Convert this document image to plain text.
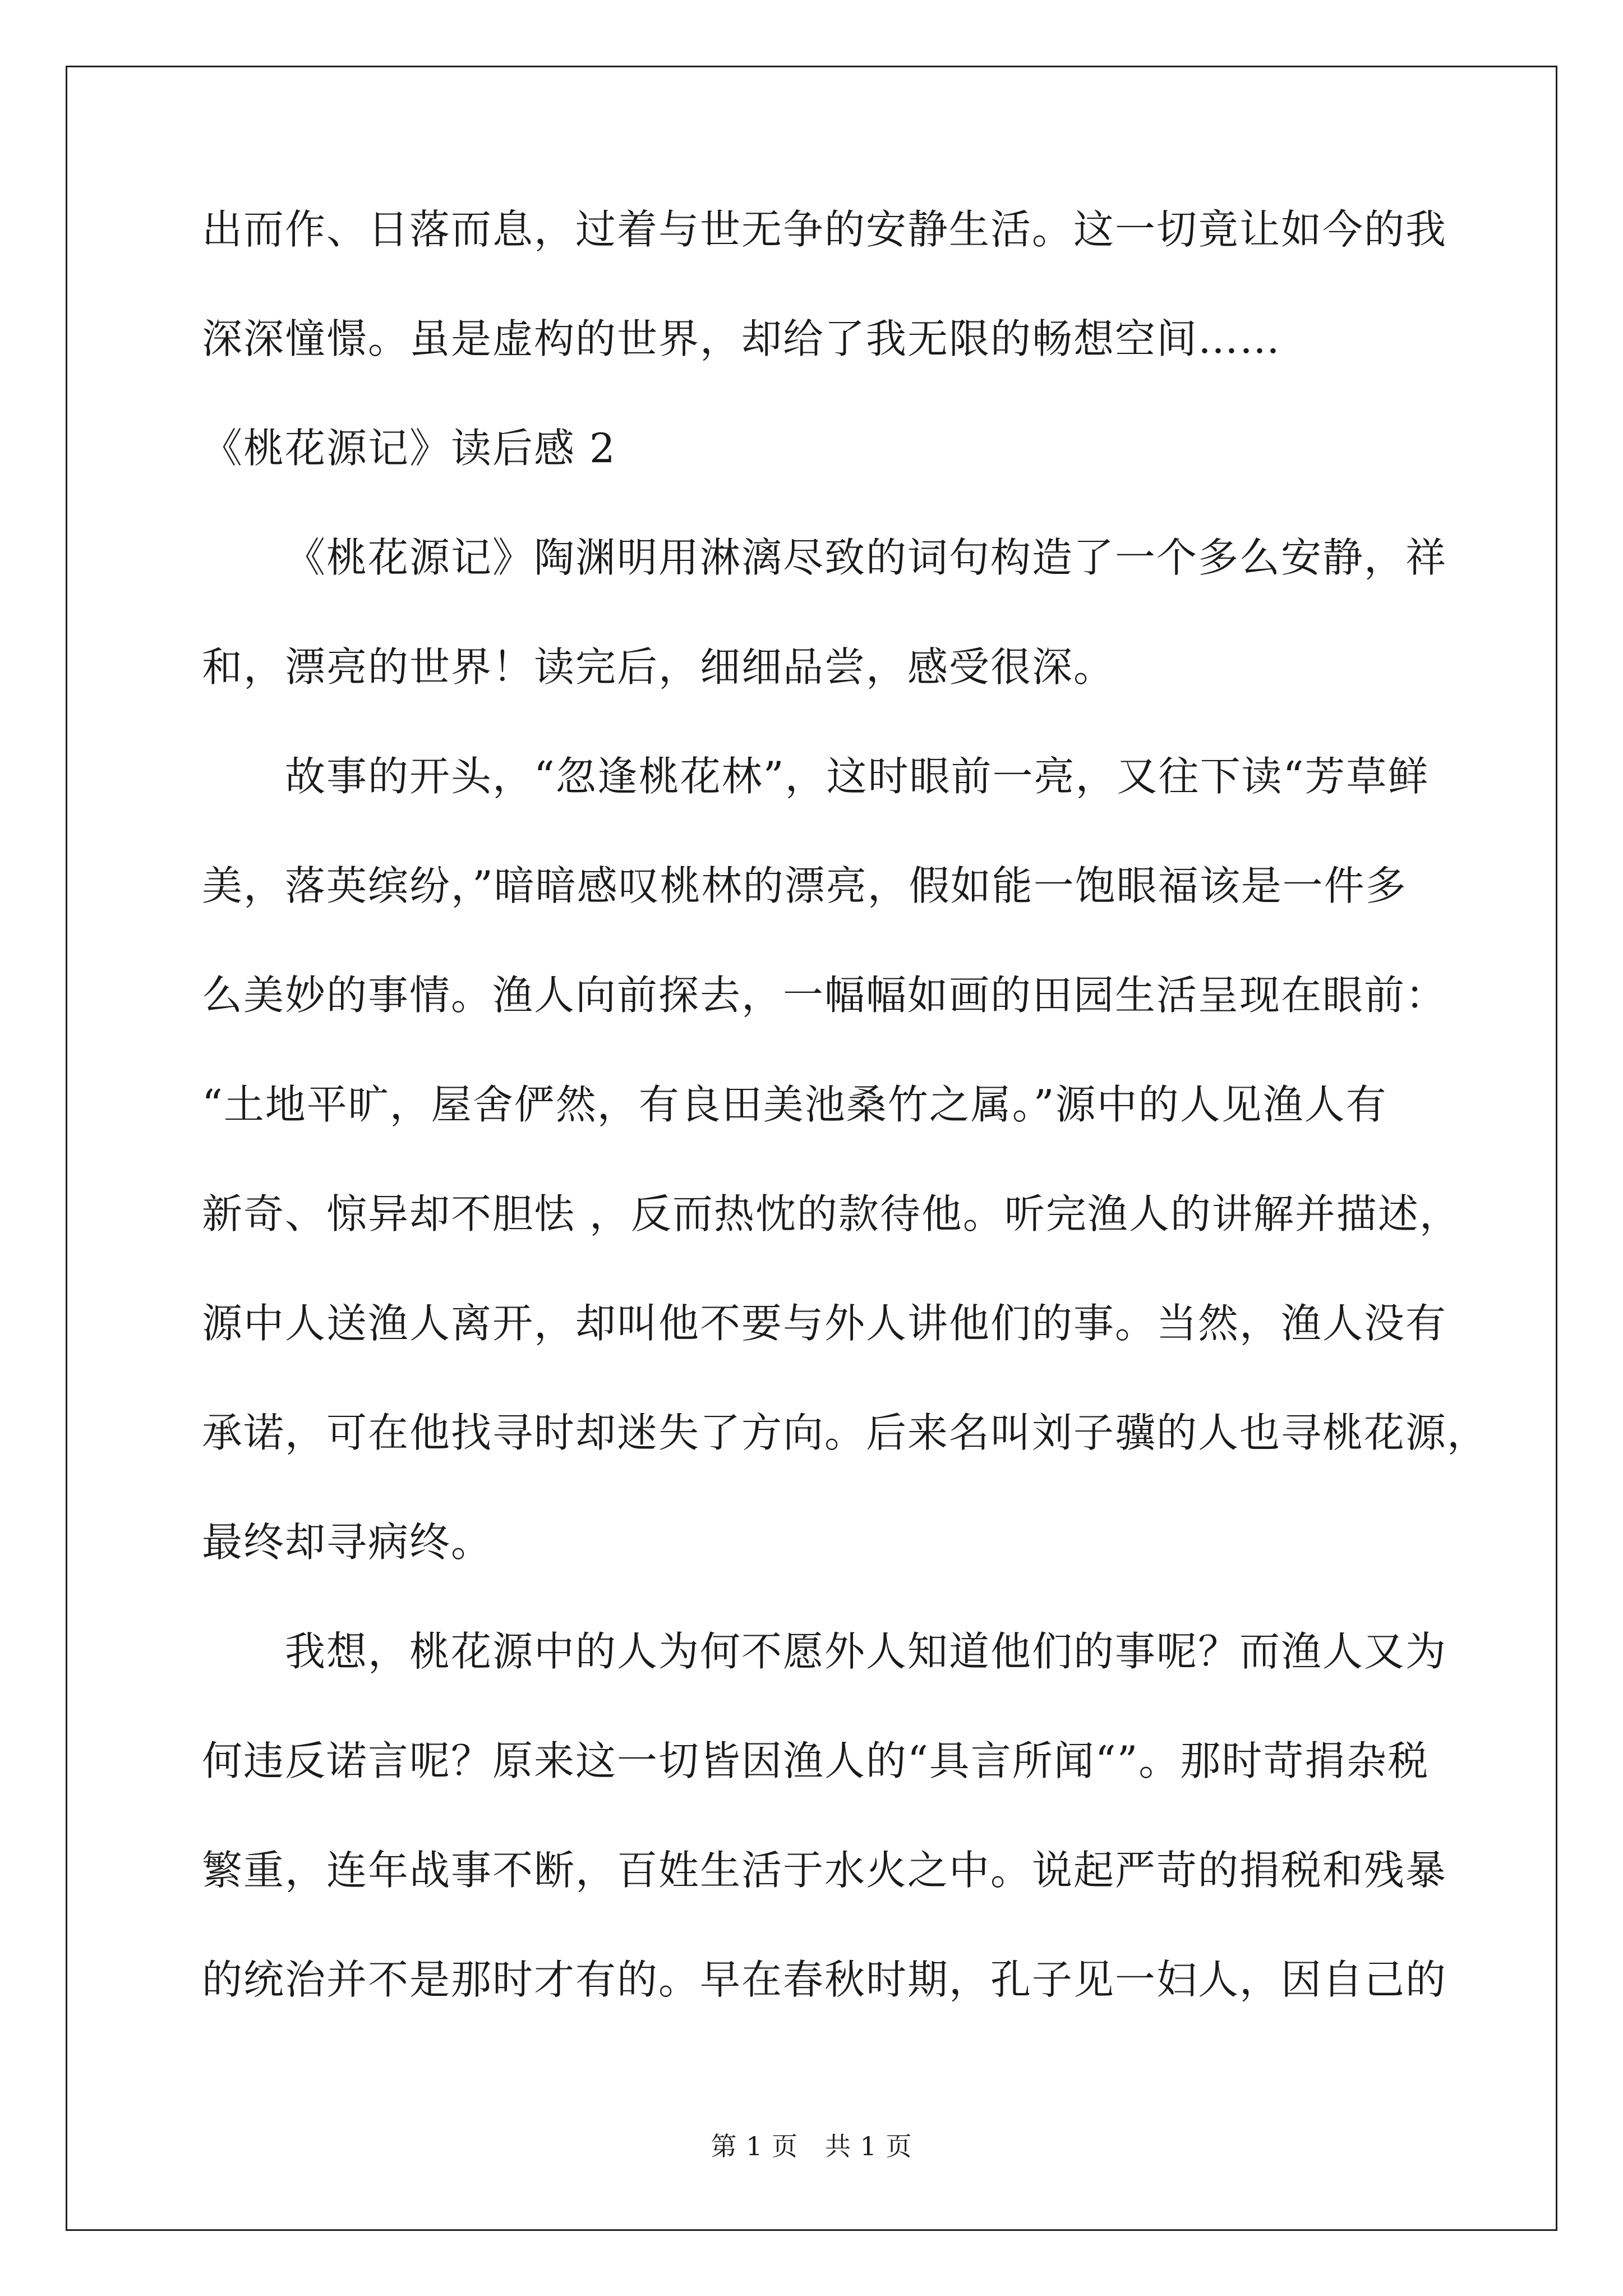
出而作、日落而息，过着与世无争的安静生活。这一切竟让如今的我

深深憧憬。虽是虚构的世界，却给了我无限的畅想空间……

《桃花源记》读后感 2

《桃花源记》陶渊明用淋漓尽致的词句构造了一个多么安静，祥

和，漂亮的世界！读完后，细细品尝，感受很深。

故事的开头，“忽逢桃花林”，这时眼前一亮，又往下读“芳草鲜

美，落英缤纷，”暗暗感叹桃林的漂亮，假如能一饱眼福该是一件多

么美妙的事情。渔人向前探去，一幅幅如画的田园生活呈现在眼前：

“土地平旷，屋舍俨然，有良田美池桑竹之属。”源中的人见渔人有

新奇、惊异却不胆怯 ，反而热忱的款待他。听完渔人的讲解并描述，

源中人送渔人离开，却叫他不要与外人讲他们的事。当然，渔人没有

承诺，可在他找寻时却迷失了方向。后来名叫刘子骥的人也寻桃花源，

最终却寻病终。

我想，桃花源中的人为何不愿外人知道他们的事呢？而渔人又为

何违反诺言呢？原来这一切皆因渔人的“具言所闻“”。那时苛捐杂税

繁重，连年战事不断，百姓生活于水火之中。说起严苛的捐税和残暴

的统治并不是那时才有的。早在春秋时期，孔子见一妇人，因自己的

第 1 页 共 1 页
